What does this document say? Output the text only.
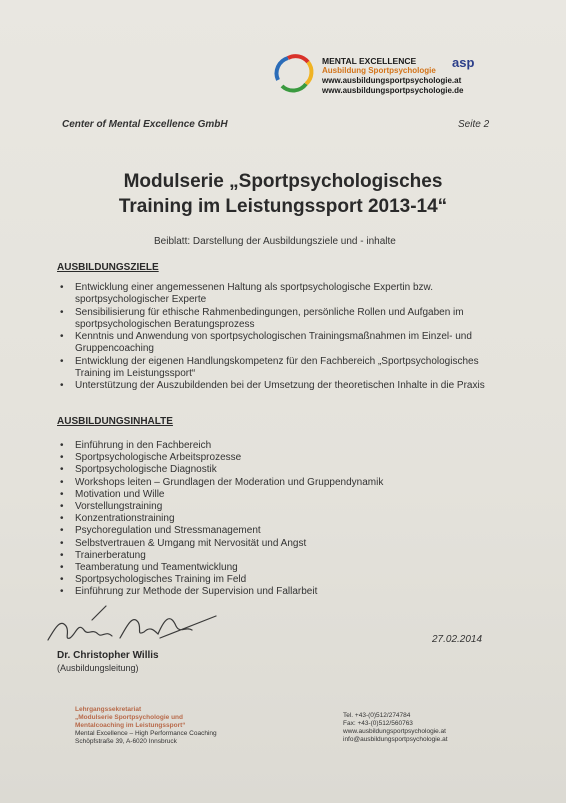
MENTAL EXCELLENCE
Ausbildung Sportpsychologie
www.ausbildungsportpsychologie.at
www.ausbildungsportpsychologie.de
asp
Center of Mental Excellence GmbH	Seite 2
Modulserie „Sportpsychologisches
Training im Leistungssport 2013-14“
Beiblatt: Darstellung der Ausbildungsziele und - inhalte
AUSBILDUNGSZIELE
• Entwicklung einer angemessenen Haltung als sportpsychologische Expertin bzw. sportpsychologischer Experte
• Sensibilisierung für ethische Rahmenbedingungen, persönliche Rollen und Aufgaben im sportpsychologischen Beratungsprozess
• Kenntnis und Anwendung von sportpsychologischen Trainingsmaßnahmen im Einzel- und Gruppencoaching
• Entwicklung der eigenen Handlungskompetenz für den Fachbereich „Sportpsychologisches Training im Leistungssport“
• Unterstützung der Auszubildenden bei der Umsetzung der theoretischen Inhalte in die Praxis
AUSBILDUNGSINHALTE
• Einführung in den Fachbereich
• Sportpsychologische Arbeitsprozesse
• Sportpsychologische Diagnostik
• Workshops leiten – Grundlagen der Moderation und Gruppendynamik
• Motivation und Wille
• Vorstellungstraining
• Konzentrationstraining
• Psychoregulation und Stressmanagement
• Selbstvertrauen & Umgang mit Nervosität und Angst
• Trainerberatung
• Teamberatung und Teamentwicklung
• Sportpsychologisches Training im Feld
• Einführung zur Methode der Supervision und Fallarbeit
27.02.2014
Dr. Christopher Willis
(Ausbildungsleitung)
Lehrgangssekretariat
„Modulserie Sportpsychologie und
Mentalcoaching im Leistungssport“
Mental Excellence – High Performance Coaching
Schöpfstraße 39, A-6020 Innsbruck
Tel. +43-(0)512/274784
Fax: +43-(0)512/560763
www.ausbildungsportpsychologie.at
info@ausbildungsportpsychologie.at
